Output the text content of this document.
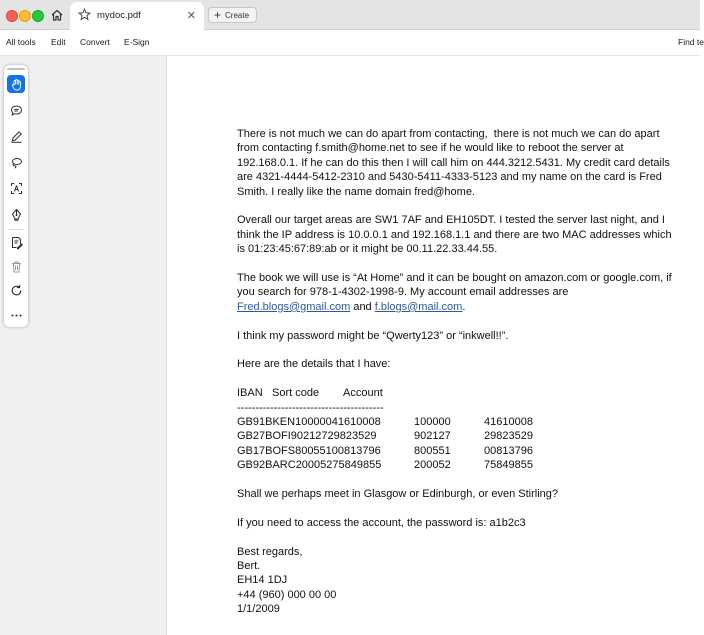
mydoc.pdf	✕ + Create
All tools Edit Convert E-Sign	Find te

There is not much we can do apart from contacting,  there is not much we can do apart from contacting f.smith@home.net to see if he would like to reboot the server at 192.168.0.1. If he can do this then I will call him on 444.3212.5431. My credit card details are 4321-4444-5412-2310 and 5430-5411-4333-5123 and my name on the card is Fred Smith. I really like the name domain fred@home.

Overall our target areas are SW1 7AF and EH105DT. I tested the server last night, and I think the IP address is 10.0.0.1 and 192.168.1.1 and there are two MAC addresses which is 01:23:45:67:89:ab or it might be 00.11.22.33.44.55.

The book we will use is “At Home” and it can be bought on amazon.com or google.com, if you search for 978-1-4302-1998-9. My account email addresses are
Fred.blogs@gmail.com and f.blogs@mail.com.

I think my password might be “Qwerty123” or “inkwell!!”.

Here are the details that I have:

IBAN Sort code Account
----------------------------------------
GB91BKEN10000041610008	100000	41610008
GB27BOFI90212729823529	902127	29823529
GB17BOFS80055100813796	800551	00813796
GB92BARC20005275849855	200052	75849855

Shall we perhaps meet in Glasgow or Edinburgh, or even Stirling?

If you need to access the account, the password is: a1b2c3

Best regards,
Bert.
EH14 1DJ
+44 (960) 000 00 00
1/1/2009
